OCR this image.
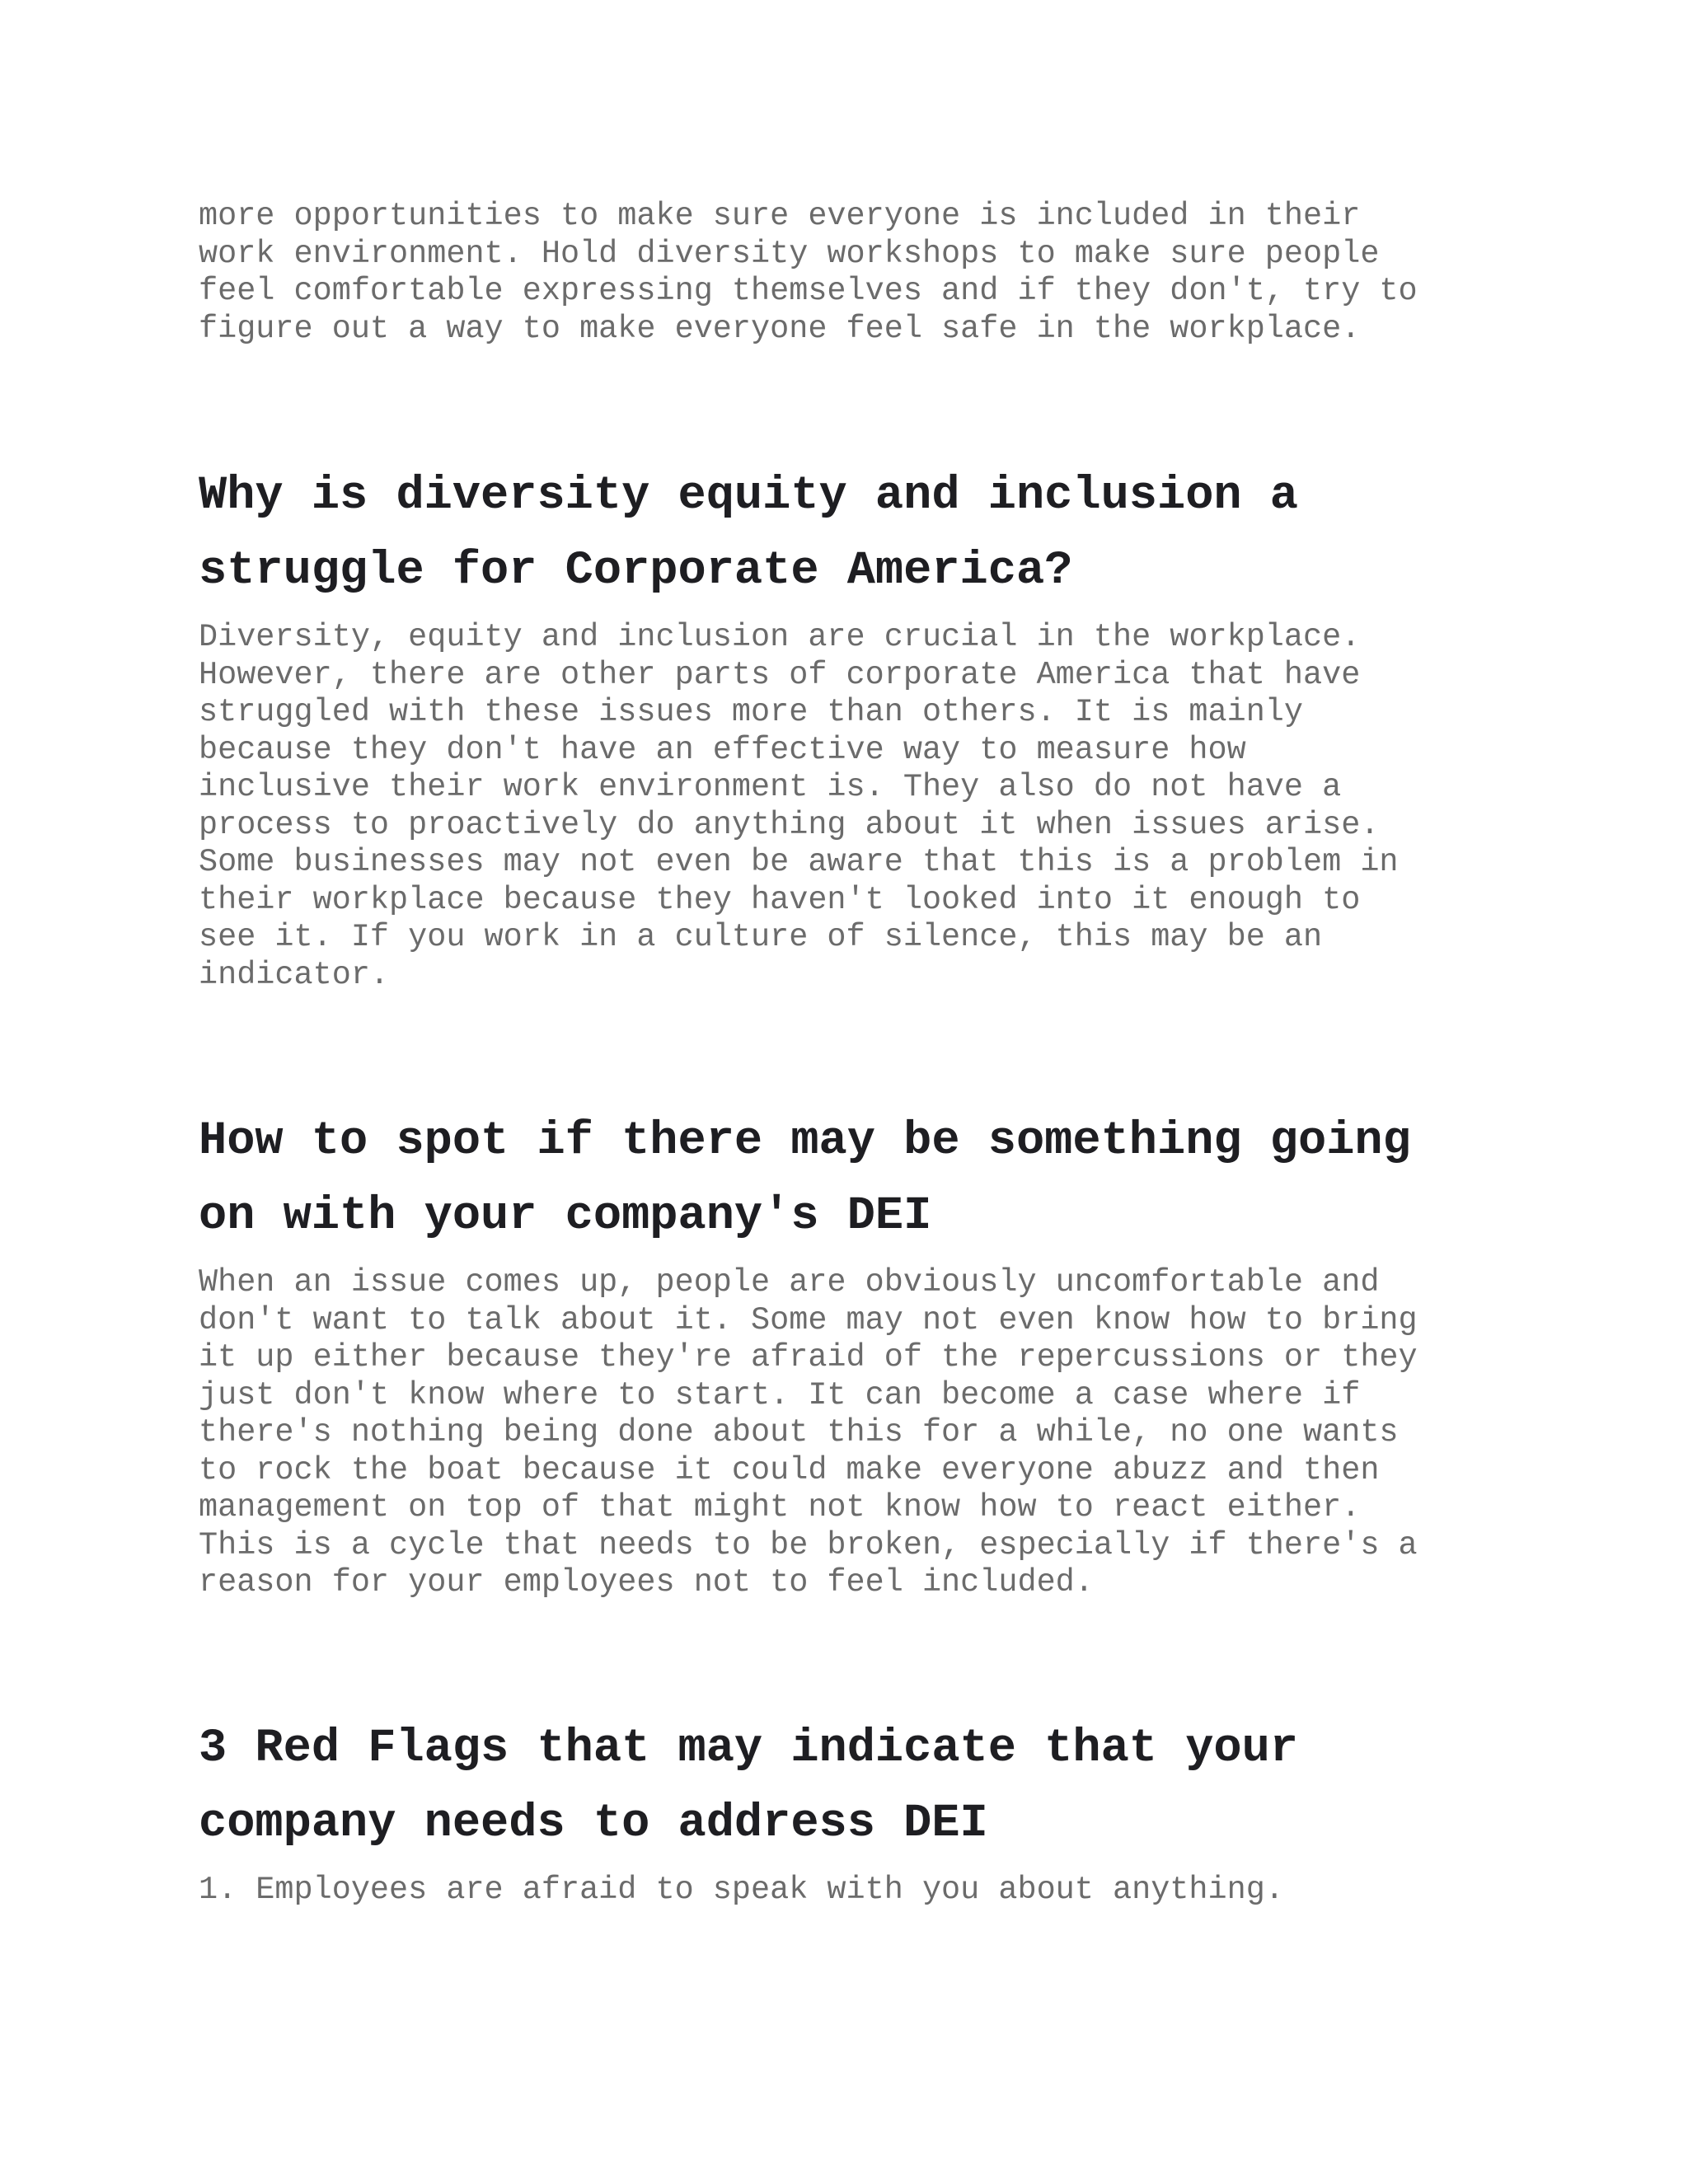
more opportunities to make sure everyone is included in their
work environment. Hold diversity workshops to make sure people
feel comfortable expressing themselves and if they don't, try to
figure out a way to make everyone feel safe in the workplace.

Why is diversity equity and inclusion a
struggle for Corporate America?

Diversity, equity and inclusion are crucial in the workplace.
However, there are other parts of corporate America that have
struggled with these issues more than others. It is mainly
because they don't have an effective way to measure how
inclusive their work environment is. They also do not have a
process to proactively do anything about it when issues arise.
Some businesses may not even be aware that this is a problem in
their workplace because they haven't looked into it enough to
see it. If you work in a culture of silence, this may be an
indicator.

How to spot if there may be something going
on with your company's DEI

When an issue comes up, people are obviously uncomfortable and
don't want to talk about it. Some may not even know how to bring
it up either because they're afraid of the repercussions or they
just don't know where to start. It can become a case where if
there's nothing being done about this for a while, no one wants
to rock the boat because it could make everyone abuzz and then
management on top of that might not know how to react either.
This is a cycle that needs to be broken, especially if there's a
reason for your employees not to feel included.

3 Red Flags that may indicate that your
company needs to address DEI

1. Employees are afraid to speak with you about anything.
